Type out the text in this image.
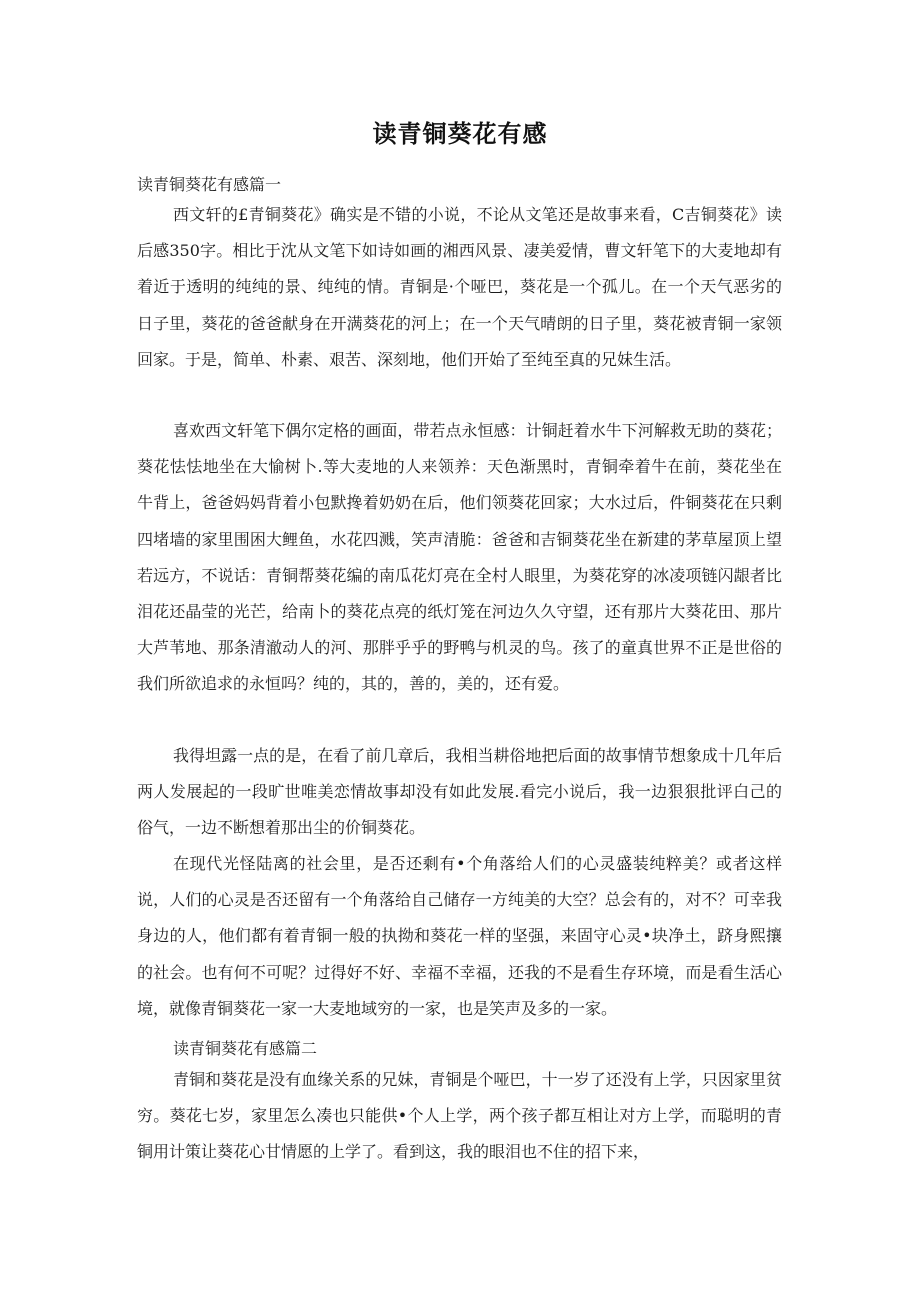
读青铜葵花有感
读青铜葵花有感篇一
西文轩的£青铜葵花》确实是不错的小说，不论从文笔还是故事来看，C吉铜葵花》读后感350字。相比于沈从文笔下如诗如画的湘西风景、凄美爱情，曹文轩笔下的大麦地却有着近于透明的纯纯的景、纯纯的情。青铜是·个哑巴，葵花是一个孤儿。在一个天气恶劣的日子里，葵花的爸爸献身在开满葵花的河上；在一个天气晴朗的日子里，葵花被青铜一家领回家。于是，简单、朴素、艰苦、深刻地，他们开始了至纯至真的兄妹生活。
喜欢西文轩笔下偶尔定格的画面，带若点永恒感：计铜赶着水牛下河解救无助的葵花；葵花怯怯地坐在大愉树卜.等大麦地的人来领养：天色渐黑时，青铜牵着牛在前，葵花坐在牛背上，爸爸妈妈背着小包默搀着奶奶在后，他们领葵花回家；大水过后，件铜葵花在只剩四堵墙的家里围困大鲤鱼，水花四溅，笑声清脆：爸爸和吉铜葵花坐在新建的茅草屋顶上望若远方，不说话：青铜帮葵花编的南瓜花灯亮在全村人眼里，为葵花穿的冰凌项链闪龈者比泪花还晶莹的光芒，给南卜的葵花点亮的纸灯笼在河边久久守望，还有那片大葵花田、那片大芦苇地、那条清澈动人的河、那胖乎乎的野鸭与机灵的鸟。孩了的童真世界不正是世俗的我们所欲追求的永恒吗？纯的，其的，善的，美的，还有爱。
我得坦露一点的是，在看了前几章后，我相当耕俗地把后面的故事情节想象成十几年后两人发展起的一段旷世唯美恋情故事却没有如此发展.看完小说后，我一边狠狠批评白己的俗气，一边不断想着那出尘的价铜葵花。
在现代光怪陆离的社会里，是否还剩有•个角落给人们的心灵盛装纯粹美？或者这样说，人们的心灵是否还留有一个角落给自己储存一方纯美的大空？总会有的，对不？可幸我身边的人，他们都有着青铜一般的执拗和葵花一样的坚强，来固守心灵•块净土，跻身熙攘的社会。也有何不可呢？过得好不好、幸福不幸福，还我的不是看生存环境，而是看生活心境，就像青铜葵花一家一大麦地域穷的一家，也是笑声及多的一家。
读青铜葵花有感篇二
青铜和葵花是没有血缘关系的兄妹，青铜是个哑巴，十一岁了还没有上学，只因家里贫穷。葵花七岁，家里怎么凑也只能供•个人上学，两个孩子都互相让对方上学，而聪明的青铜用计策让葵花心甘情愿的上学了。看到这，我的眼泪也不住的招下来，
